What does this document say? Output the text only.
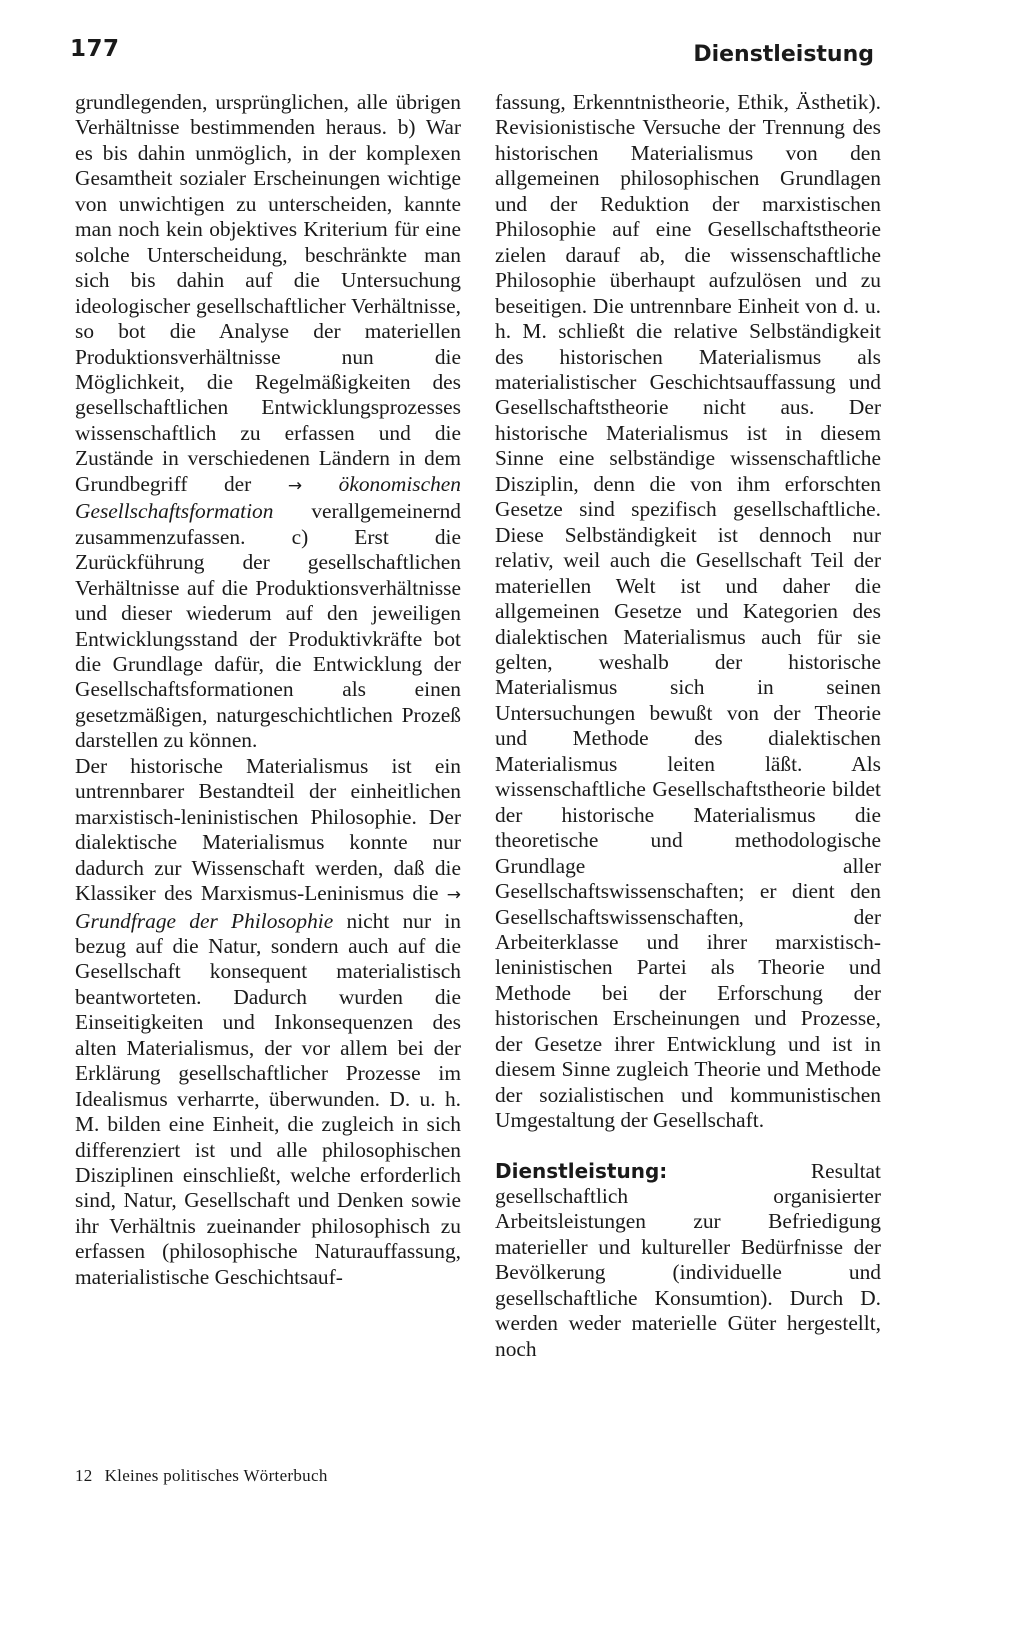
177	Dienstleistung

grundlegenden, ursprünglichen, alle übrigen Verhältnisse bestimmenden heraus. b) War es bis dahin unmöglich, in der komplexen Gesamtheit sozialer Erscheinungen wichtige von unwichtigen zu unterscheiden, kannte man noch kein objektives Kriterium für eine solche Unterscheidung, beschränkte man sich bis dahin auf die Untersuchung ideologischer gesellschaftlicher Verhältnisse, so bot die Analyse der materiellen Produktionsverhältnisse nun die Möglichkeit, die Regelmäßigkeiten des gesellschaftlichen Entwicklungsprozesses wissenschaftlich zu erfassen und die Zustände in verschiedenen Ländern in dem Grundbegriff der → ökonomischen Gesellschaftsformation verallgemeinernd zusammenzufassen. c) Erst die Zurückführung der gesellschaftlichen Verhältnisse auf die Produktionsverhältnisse und dieser wiederum auf den jeweiligen Entwicklungsstand der Produktivkräfte bot die Grundlage dafür, die Entwicklung der Gesellschaftsformationen als einen gesetzmäßigen, naturgeschichtlichen Prozeß darstellen zu können.

Der historische Materialismus ist ein untrennbarer Bestandteil der einheitlichen marxistisch-leninistischen Philosophie. Der dialektische Materialismus konnte nur dadurch zur Wissenschaft werden, daß die Klassiker des Marxismus-Leninismus die → Grundfrage der Philosophie nicht nur in bezug auf die Natur, sondern auch auf die Gesellschaft konsequent materialistisch beantworteten. Dadurch wurden die Einseitigkeiten und Inkonsequenzen des alten Materialismus, der vor allem bei der Erklärung gesellschaftlicher Prozesse im Idealismus verharrte, überwunden. D. u. h. M. bilden eine Einheit, die zugleich in sich differenziert ist und alle philosophischen Disziplinen einschließt, welche erforderlich sind, Natur, Gesellschaft und Denken sowie ihr Verhältnis zueinander philosophisch zu erfassen (philosophische Naturauffassung, materialistische Geschichtsauf-

fassung, Erkenntnistheorie, Ethik, Ästhetik). Revisionistische Versuche der Trennung des historischen Materialismus von den allgemeinen philosophischen Grundlagen und der Reduktion der marxistischen Philosophie auf eine Gesellschaftstheorie zielen darauf ab, die wissenschaftliche Philosophie überhaupt aufzulösen und zu beseitigen. Die untrennbare Einheit von d. u. h. M. schließt die relative Selbständigkeit des historischen Materialismus als materialistischer Geschichtsauffassung und Gesellschaftstheorie nicht aus. Der historische Materialismus ist in diesem Sinne eine selbständige wissenschaftliche Disziplin, denn die von ihm erforschten Gesetze sind spezifisch gesellschaftliche. Diese Selbständigkeit ist dennoch nur relativ, weil auch die Gesellschaft Teil der materiellen Welt ist und daher die allgemeinen Gesetze und Kategorien des dialektischen Materialismus auch für sie gelten, weshalb der historische Materialismus sich in seinen Untersuchungen bewußt von der Theorie und Methode des dialektischen Materialismus leiten läßt. Als wissenschaftliche Gesellschaftstheorie bildet der historische Materialismus die theoretische und methodologische Grundlage aller Gesellschaftswissenschaften; er dient den Gesellschaftswissenschaften, der Arbeiterklasse und ihrer marxistisch-leninistischen Partei als Theorie und Methode bei der Erforschung der historischen Erscheinungen und Prozesse, der Gesetze ihrer Entwicklung und ist in diesem Sinne zugleich Theorie und Methode der sozialistischen und kommunistischen Umgestaltung der Gesellschaft.

Dienstleistung:	Resultat gesellschaftlich organisierter Arbeitsleistungen zur Befriedigung materieller und kultureller Bedürfnisse der Bevölkerung (individuelle und gesellschaftliche Konsumtion). Durch D. werden weder materielle Güter hergestellt, noch

12 Kleines politisches Wörterbuch
